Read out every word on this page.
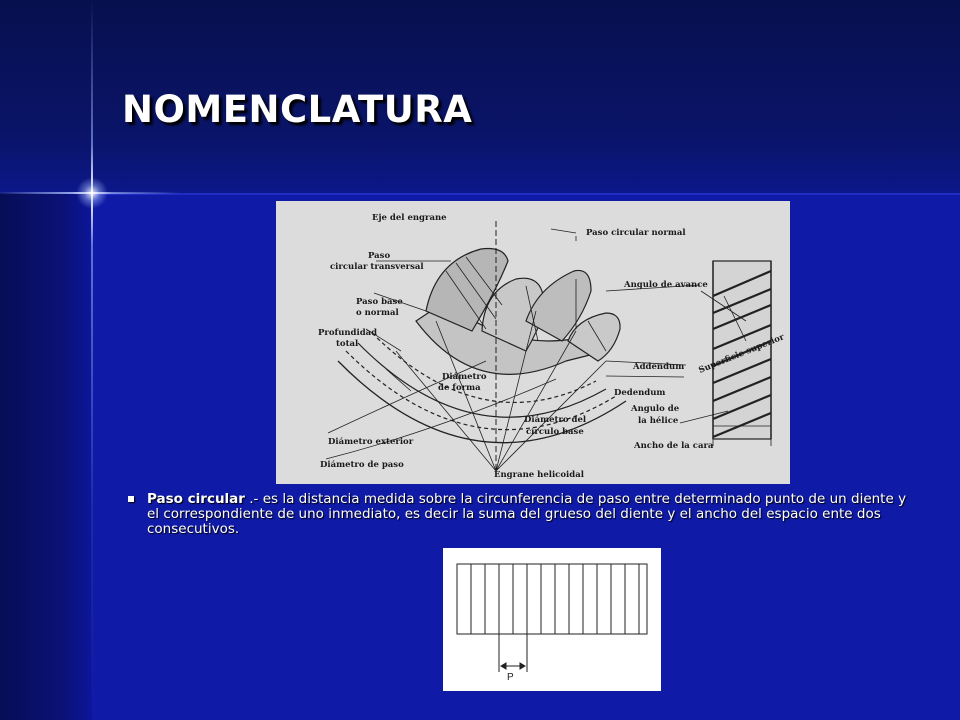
NOMENCLATURA
Eje del engrane
Paso circular normal
Paso
circular transversal
Angulo de avance
Paso base
o normal
Profundidad
total
Addendum Superficie superior
Diámetro
de forma	Dedendum
Angulo de
la hélice
Diámetro del
círculo base
Diámetro exterior	Ancho de la cara
Diámetro de paso
Engrane helicoidal
Paso circular .- es la distancia medida sobre la circunferencia de paso entre determinado punto de un diente y el correspondiente de uno inmediato, es decir la suma del grueso del diente y el ancho del espacio ente dos consecutivos.
P
